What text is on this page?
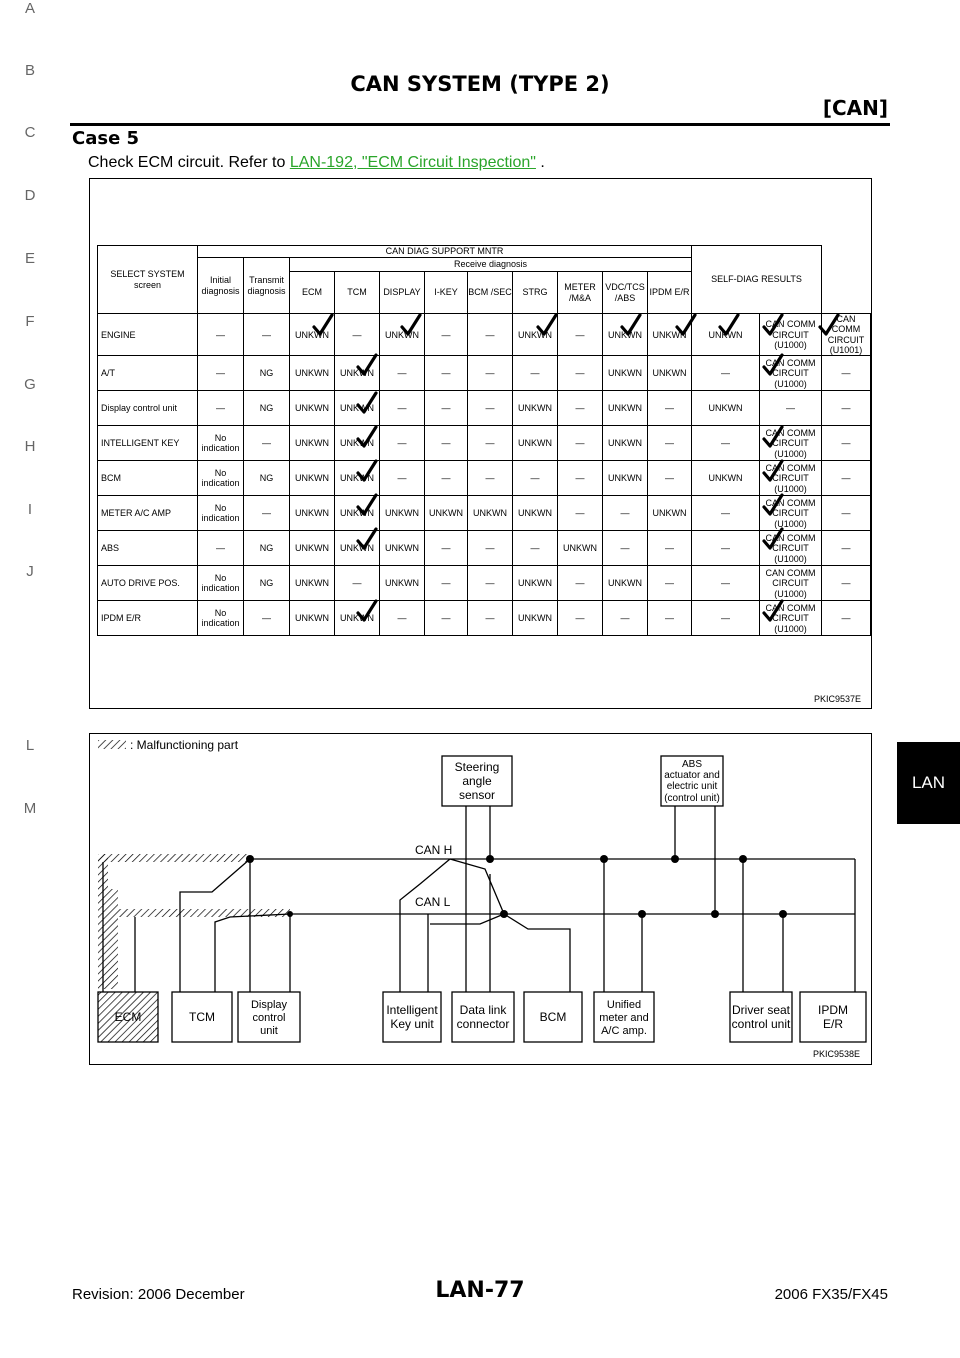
CAN SYSTEM (TYPE 2)
[CAN]
Case 5
Check ECM circuit. Refer to LAN-192, "ECM Circuit Inspection" .
A
B
C
D
E
F
G
H
I
J
L
M
SELECT SYSTEM screen	CAN DIAG SUPPORT MNTR											SELF-DIAG RESULTS		
	Initial diagnosis	Transmit diagnosis	Receive diagnosis											
			ECM	TCM	DISPLAY	I-KEY	BCM /SEC	STRG	METER /M&A	VDC/TCS /ABS	IPDM E/R			
ENGINE	—	—	UNKWN	—	UNKWN	—	—	UNKWN	—	UNKWN	UNKWN	UNKWN	CAN COMM CIRCUIT (U1000)	CAN COMM CIRCUIT (U1001)
A/T	—	NG	UNKWN	UNKWN	—	—	—	—	—	UNKWN	UNKWN	—	CAN COMM CIRCUIT (U1000)	—
Display control unit	—	NG	UNKWN	UNKWN	—	—	—	UNKWN	—	UNKWN	—	UNKWN	—	—
INTELLIGENT KEY	No indication	—	UNKWN	UNKWN	—	—	—	UNKWN	—	UNKWN	—	—	CAN COMM CIRCUIT (U1000)	—
BCM	No indication	NG	UNKWN	UNKWN	—	—	—	—	—	UNKWN	—	UNKWN	CAN COMM CIRCUIT (U1000)	—
METER A/C AMP	No indication	—	UNKWN	UNKWN	UNKWN	UNKWN	UNKWN	UNKWN	—	—	UNKWN	—	CAN COMM CIRCUIT (U1000)	—
ABS	—	NG	UNKWN	UNKWN	UNKWN	—	—	—	UNKWN	—	—	—	CAN COMM CIRCUIT (U1000)	—
AUTO DRIVE POS.	No indication	NG	UNKWN	—	UNKWN	—	—	UNKWN	—	UNKWN	—	—	CAN COMM CIRCUIT (U1000)	—
IPDM E/R	No indication	—	UNKWN	UNKWN	—	—	—	UNKWN	—	—	—	—	CAN COMM CIRCUIT (U1000)	—
PKIC9537E
: Malfunctioning part
CAN H
CAN L
Steering angle sensor
ABS actuator and electric unit (control unit)
ECM	TCM
Display control unit
Intelligent Key unit
Data link connector	BCM
Unified meter and A/C amp.
Driver seat control unit
IPDM E/R
PKIC9538E
Revision: 2006 December	LAN-77	2006 FX35/FX45
LAN
